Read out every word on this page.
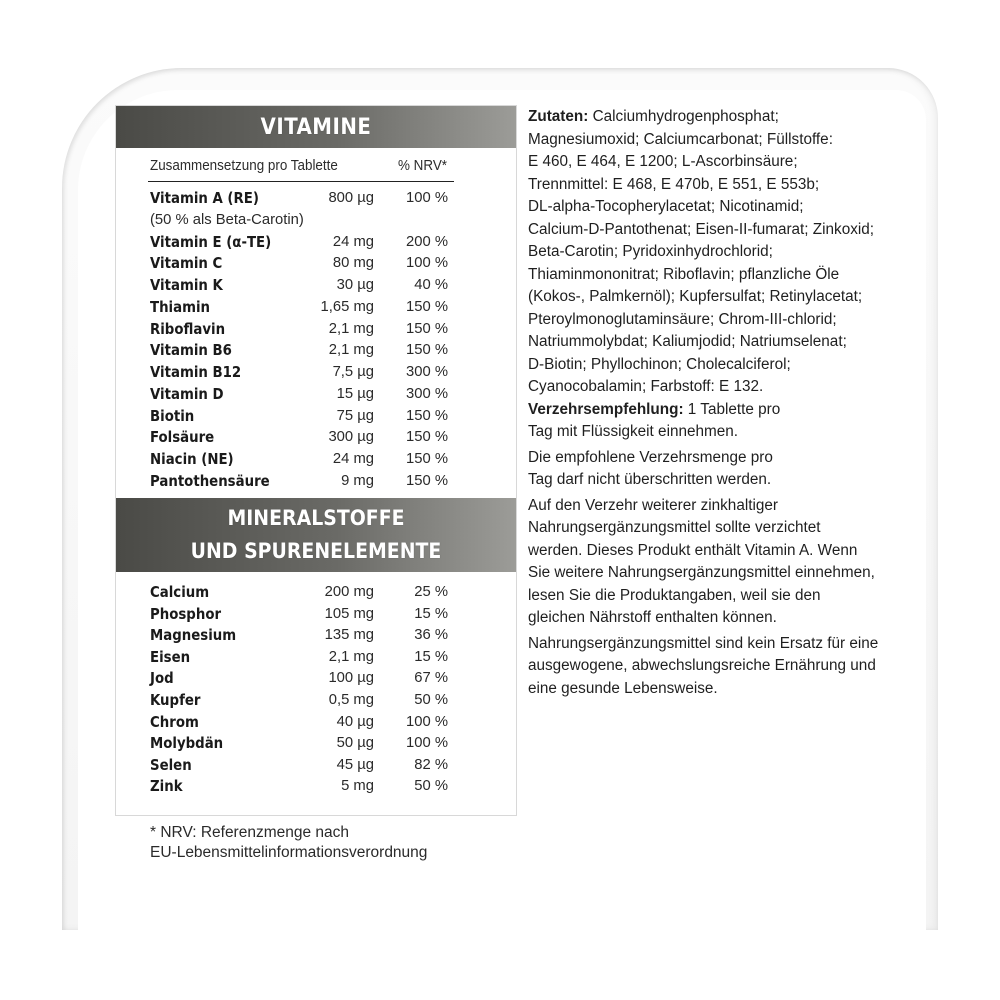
VITAMINE
Zusammensetzung pro Tablette	% NRV*
Vitamin A (RE)	800 µg 100 %
(50 % als Beta-Carotin)
Vitamin E (α-TE)	24 mg 200 %
Vitamin C	80 mg 100 %
Vitamin K	30 µg	40 %
Thiamin	1,65 mg 150 %
Riboflavin	2,1 mg 150 %
Vitamin B6	2,1 mg 150 %
Vitamin B12	7,5 µg 300 %
Vitamin D	15 µg 300 %
Biotin	75 µg 150 %
Folsäure	300 µg 150 %
Niacin (NE)	24 mg 150 %
Pantothensäure	9 mg 150 %
MINERALSTOFFE
UND SPURENELEMENTE
Calcium	200 mg	25 %
Phosphor	105 mg	15 %
Magnesium	135 mg	36 %
Eisen	2,1 mg	15 %
Jod	100 µg	67 %
Kupfer	0,5 mg	50 %
Chrom	40 µg 100 %
Molybdän	50 µg 100 %
Selen	45 µg	82 %
Zink	5 mg	50 %
* NRV: Referenzmenge nach
EU-Lebensmittelinformationsverordnung
Zutaten: Calciumhydrogenphosphat;
Magnesiumoxid; Calciumcarbonat; Füllstoffe:
E 460, E 464, E 1200; L-Ascorbinsäure;
Trennmittel: E 468, E 470b, E 551, E 553b;
DL-alpha-Tocopherylacetat; Nicotinamid;
Calcium-D-Pantothenat; Eisen-II-fumarat; Zinkoxid;
Beta-Carotin; Pyridoxinhydrochlorid;
Thiaminmononitrat; Riboflavin; pflanzliche Öle
(Kokos-, Palmkernöl); Kupfersulfat; Retinylacetat;
Pteroylmonoglutaminsäure; Chrom-III-chlorid;
Natriummolybdat; Kaliumjodid; Natriumselenat;
D-Biotin; Phyllochinon; Cholecalciferol;
Cyanocobalamin; Farbstoff: E 132.
Verzehrsempfehlung: 1 Tablette pro
Tag mit Flüssigkeit einnehmen.
Die empfohlene Verzehrsmenge pro
Tag darf nicht überschritten werden.
Auf den Verzehr weiterer zinkhaltiger
Nahrungsergänzungsmittel sollte verzichtet
werden. Dieses Produkt enthält Vitamin A. Wenn
Sie weitere Nahrungsergänzungsmittel einnehmen,
lesen Sie die Produktangaben, weil sie den
gleichen Nährstoff enthalten können.
Nahrungsergänzungsmittel sind kein Ersatz für eine
ausgewogene, abwechslungsreiche Ernährung und
eine gesunde Lebensweise.
